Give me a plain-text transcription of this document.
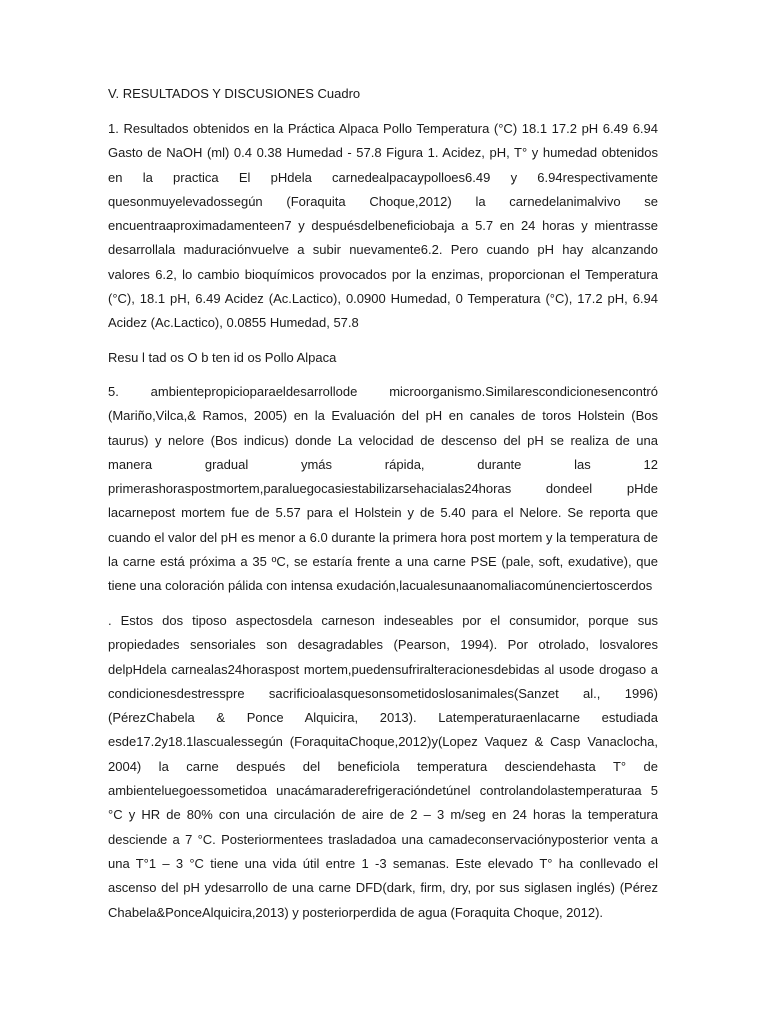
V. RESULTADOS Y DISCUSIONES Cuadro
1. Resultados obtenidos en la Práctica Alpaca Pollo Temperatura (°C) 18.1 17.2 pH 6.49 6.94 Gasto de NaOH (ml) 0.4 0.38 Humedad - 57.8 Figura 1. Acidez, pH, T° y humedad obtenidos en la practica El pHdela carnedealpacaypolloes6.49 y 6.94respectivamente quesonmuyelevadossegún (Foraquita Choque,2012) la carnedelanimalvivo se encuentraaproximadamenteen7 y despuésdelbeneficiobaja a 5.7 en 24 horas y mientrasse desarrollala maduraciónvuelve a subir nuevamente6.2. Pero cuando pH hay alcanzando valores 6.2, lo cambio bioquímicos provocados por la enzimas, proporcionan el Temperatura (°C), 18.1 pH, 6.49 Acidez (Ac.Lactico), 0.0900 Humedad, 0 Temperatura (°C), 17.2 pH, 6.94 Acidez (Ac.Lactico), 0.0855 Humedad, 57.8
Resu l tad os O b ten id os Pollo Alpaca
5. ambientepropicioparaeldesarrollode microorganismo.Similarescondicionesencontró (Mariño,Vilca,& Ramos, 2005) en la Evaluación del pH en canales de toros Holstein (Bos taurus) y nelore (Bos indicus) donde La velocidad de descenso del pH se realiza de una manera gradual ymás rápida, durante las 12 primerashoraspostmortem,paraluegocasiestabilizarsehacialas24horas dondeel pHde lacarnepost mortem fue de 5.57 para el Holstein y de 5.40 para el Nelore. Se reporta que cuando el valor del pH es menor a 6.0 durante la primera hora post mortem y la temperatura de la carne está próxima a 35 ºC, se estaría frente a una carne PSE (pale, soft, exudative), que tiene una coloración pálida con intensa exudación,lacualesunaanomaliacomúnenciertoscerdos
. Estos dos tiposo aspectosdela carneson indeseables por el consumidor, porque sus propiedades sensoriales son desagradables (Pearson, 1994). Por otrolado, losvalores delpHdela carnealas24horaspost mortem,puedensufriralteracionesdebidas al usode drogaso a condicionesdestresspre sacrificioalasquesonsometidoslosanimales(Sanzet al., 1996) (PérezChabela & Ponce Alquicira, 2013). Latemperaturaenlacarne estudiada esde17.2y18.1lascualessegún (ForaquitaChoque,2012)y(Lopez Vaquez & Casp Vanaclocha, 2004) la carne después del beneficiola temperatura desciendehasta T° de ambienteluegoessometidoa unacámaraderefrigeracióndetúnel controlandolastemperaturaa 5 °C y HR de 80% con una circulación de aire de 2 – 3 m/seg en 24 horas la temperatura desciende a 7 °C. Posteriormentees trasladadoa una camadeconservaciónyposterior venta a una T°1 – 3 °C tiene una vida útil entre 1 -3 semanas. Este elevado T° ha conllevado el ascenso del pH ydesarrollo de una carne DFD(dark, firm, dry, por sus siglasen inglés) (Pérez Chabela&PonceAlquicira,2013) y posteriorperdida de agua (Foraquita Choque, 2012).
